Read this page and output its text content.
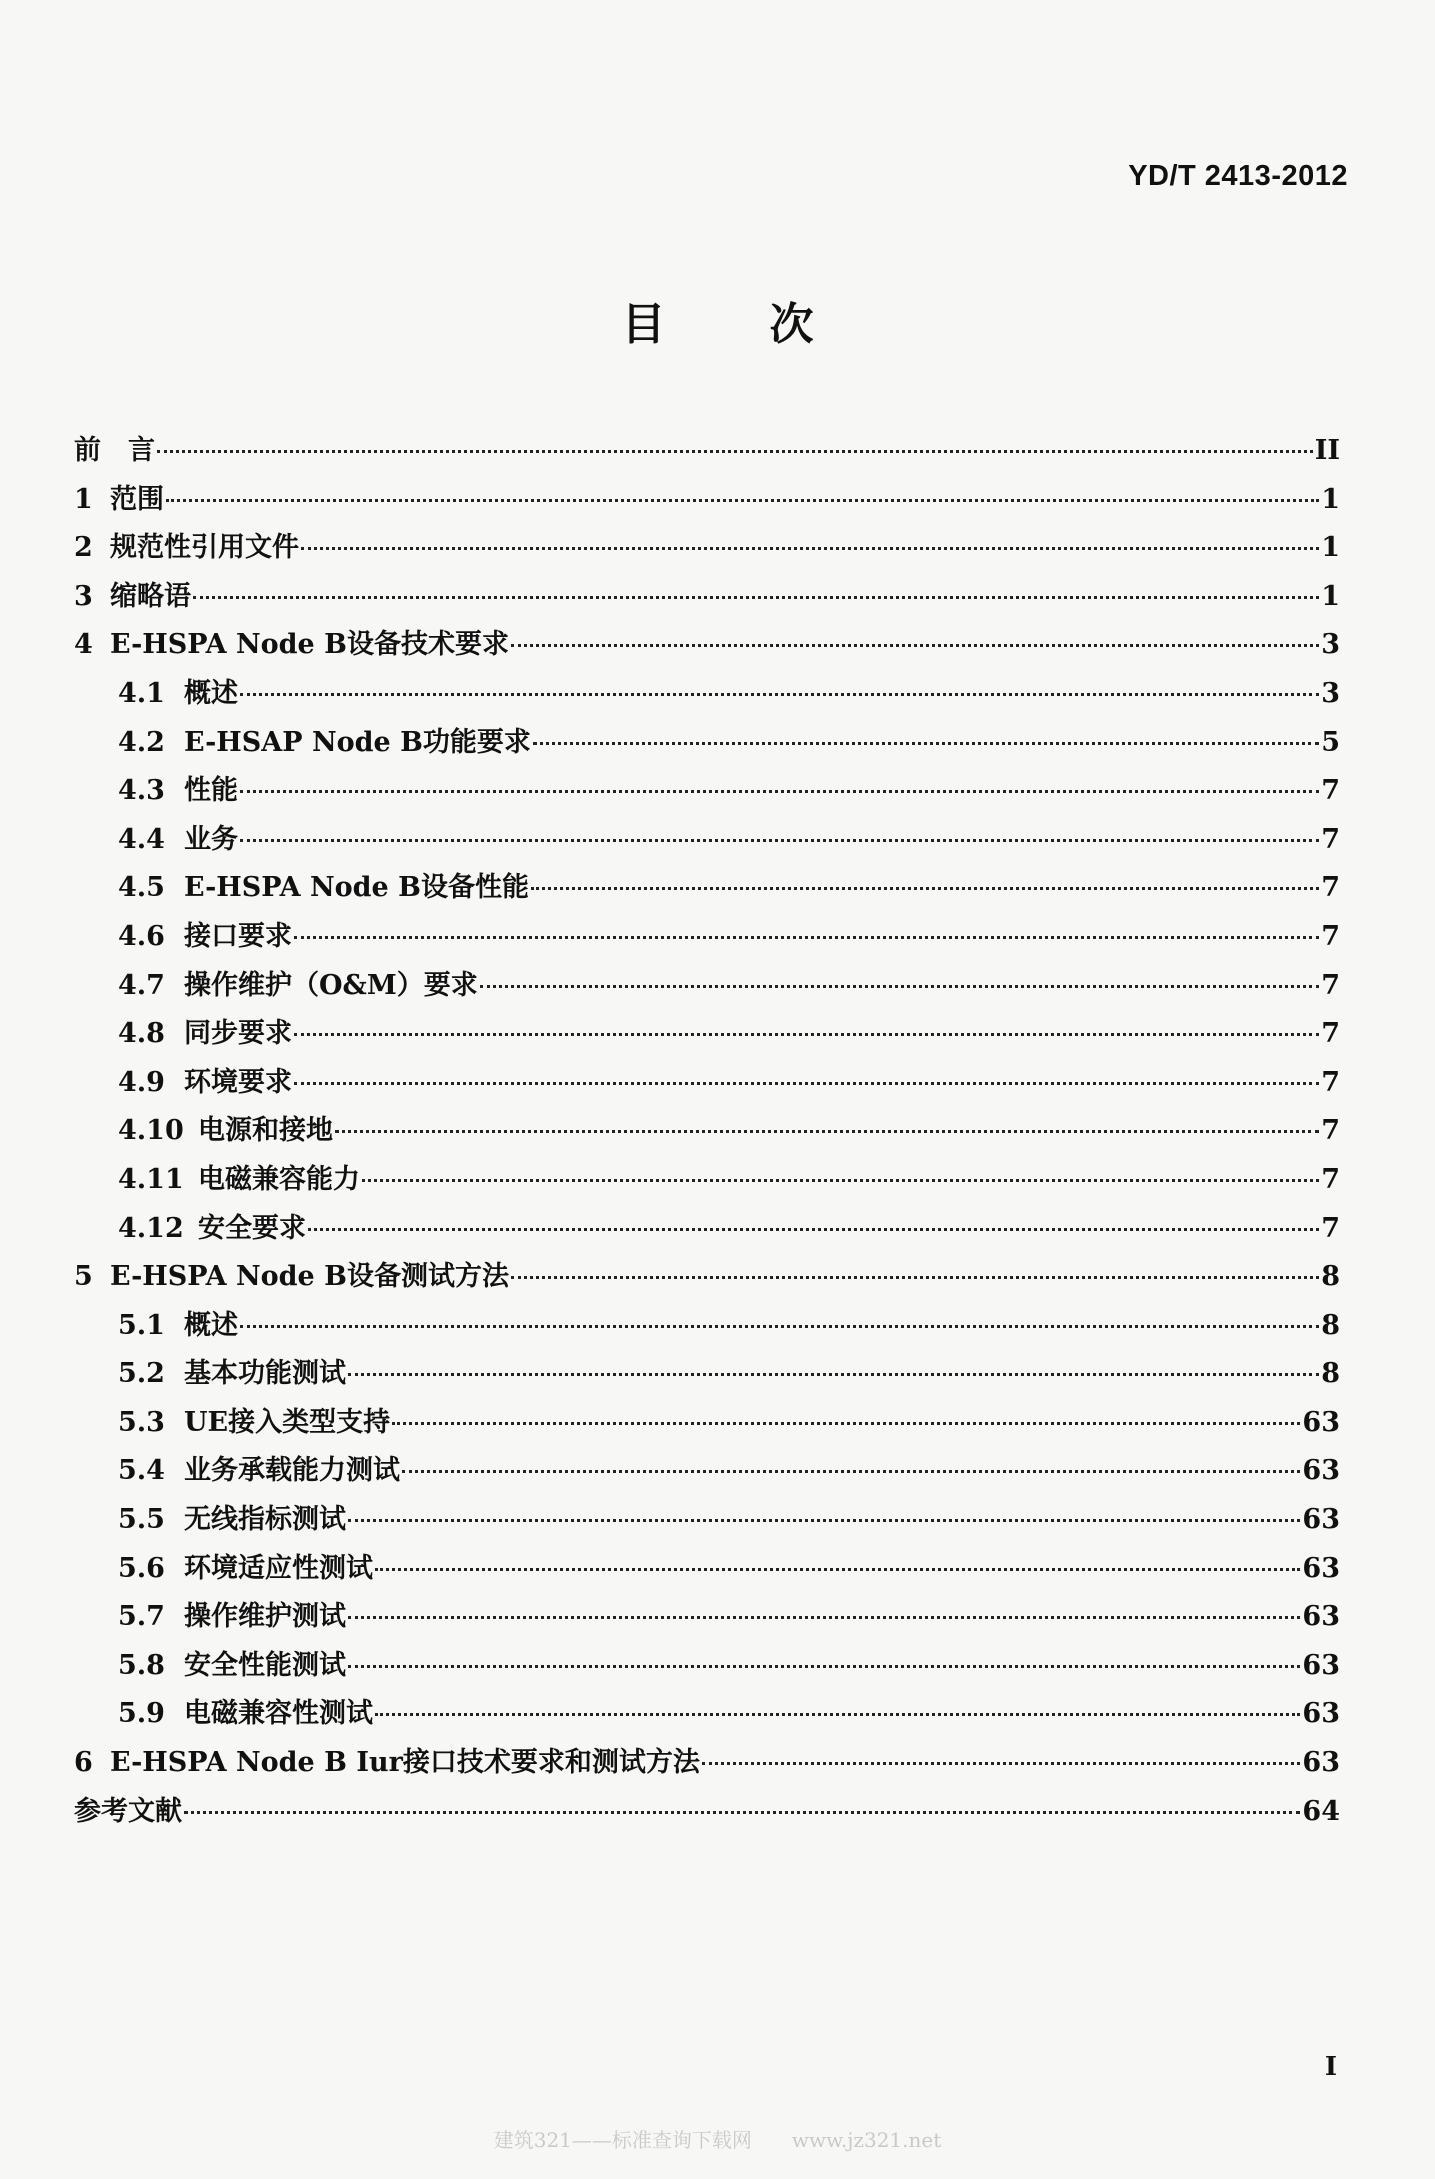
YD/T 2413-2012
目 次
前　言	II
1 范围	1
2 规范性引用文件	1
3 缩略语	1
4 E-HSPA Node B设备技术要求	3
4.1 概述	3
4.2 E-HSAP Node B功能要求	5
4.3 性能	7
4.4 业务	7
4.5 E-HSPA Node B设备性能	7
4.6 接口要求	7
4.7 操作维护（O&M）要求	7
4.8 同步要求	7
4.9 环境要求	7
4.10 电源和接地	7
4.11 电磁兼容能力	7
4.12 安全要求	7
5 E-HSPA Node B设备测试方法	8
5.1 概述	8
5.2 基本功能测试	8
5.3 UE接入类型支持	63
5.4 业务承载能力测试	63
5.5 无线指标测试	63
5.6 环境适应性测试	63
5.7 操作维护测试	63
5.8 安全性能测试	63
5.9 电磁兼容性测试	63
6 E-HSPA Node B Iur接口技术要求和测试方法	63
参考文献	64
I
建筑321——标准查询下载网　　www.jz321.net
